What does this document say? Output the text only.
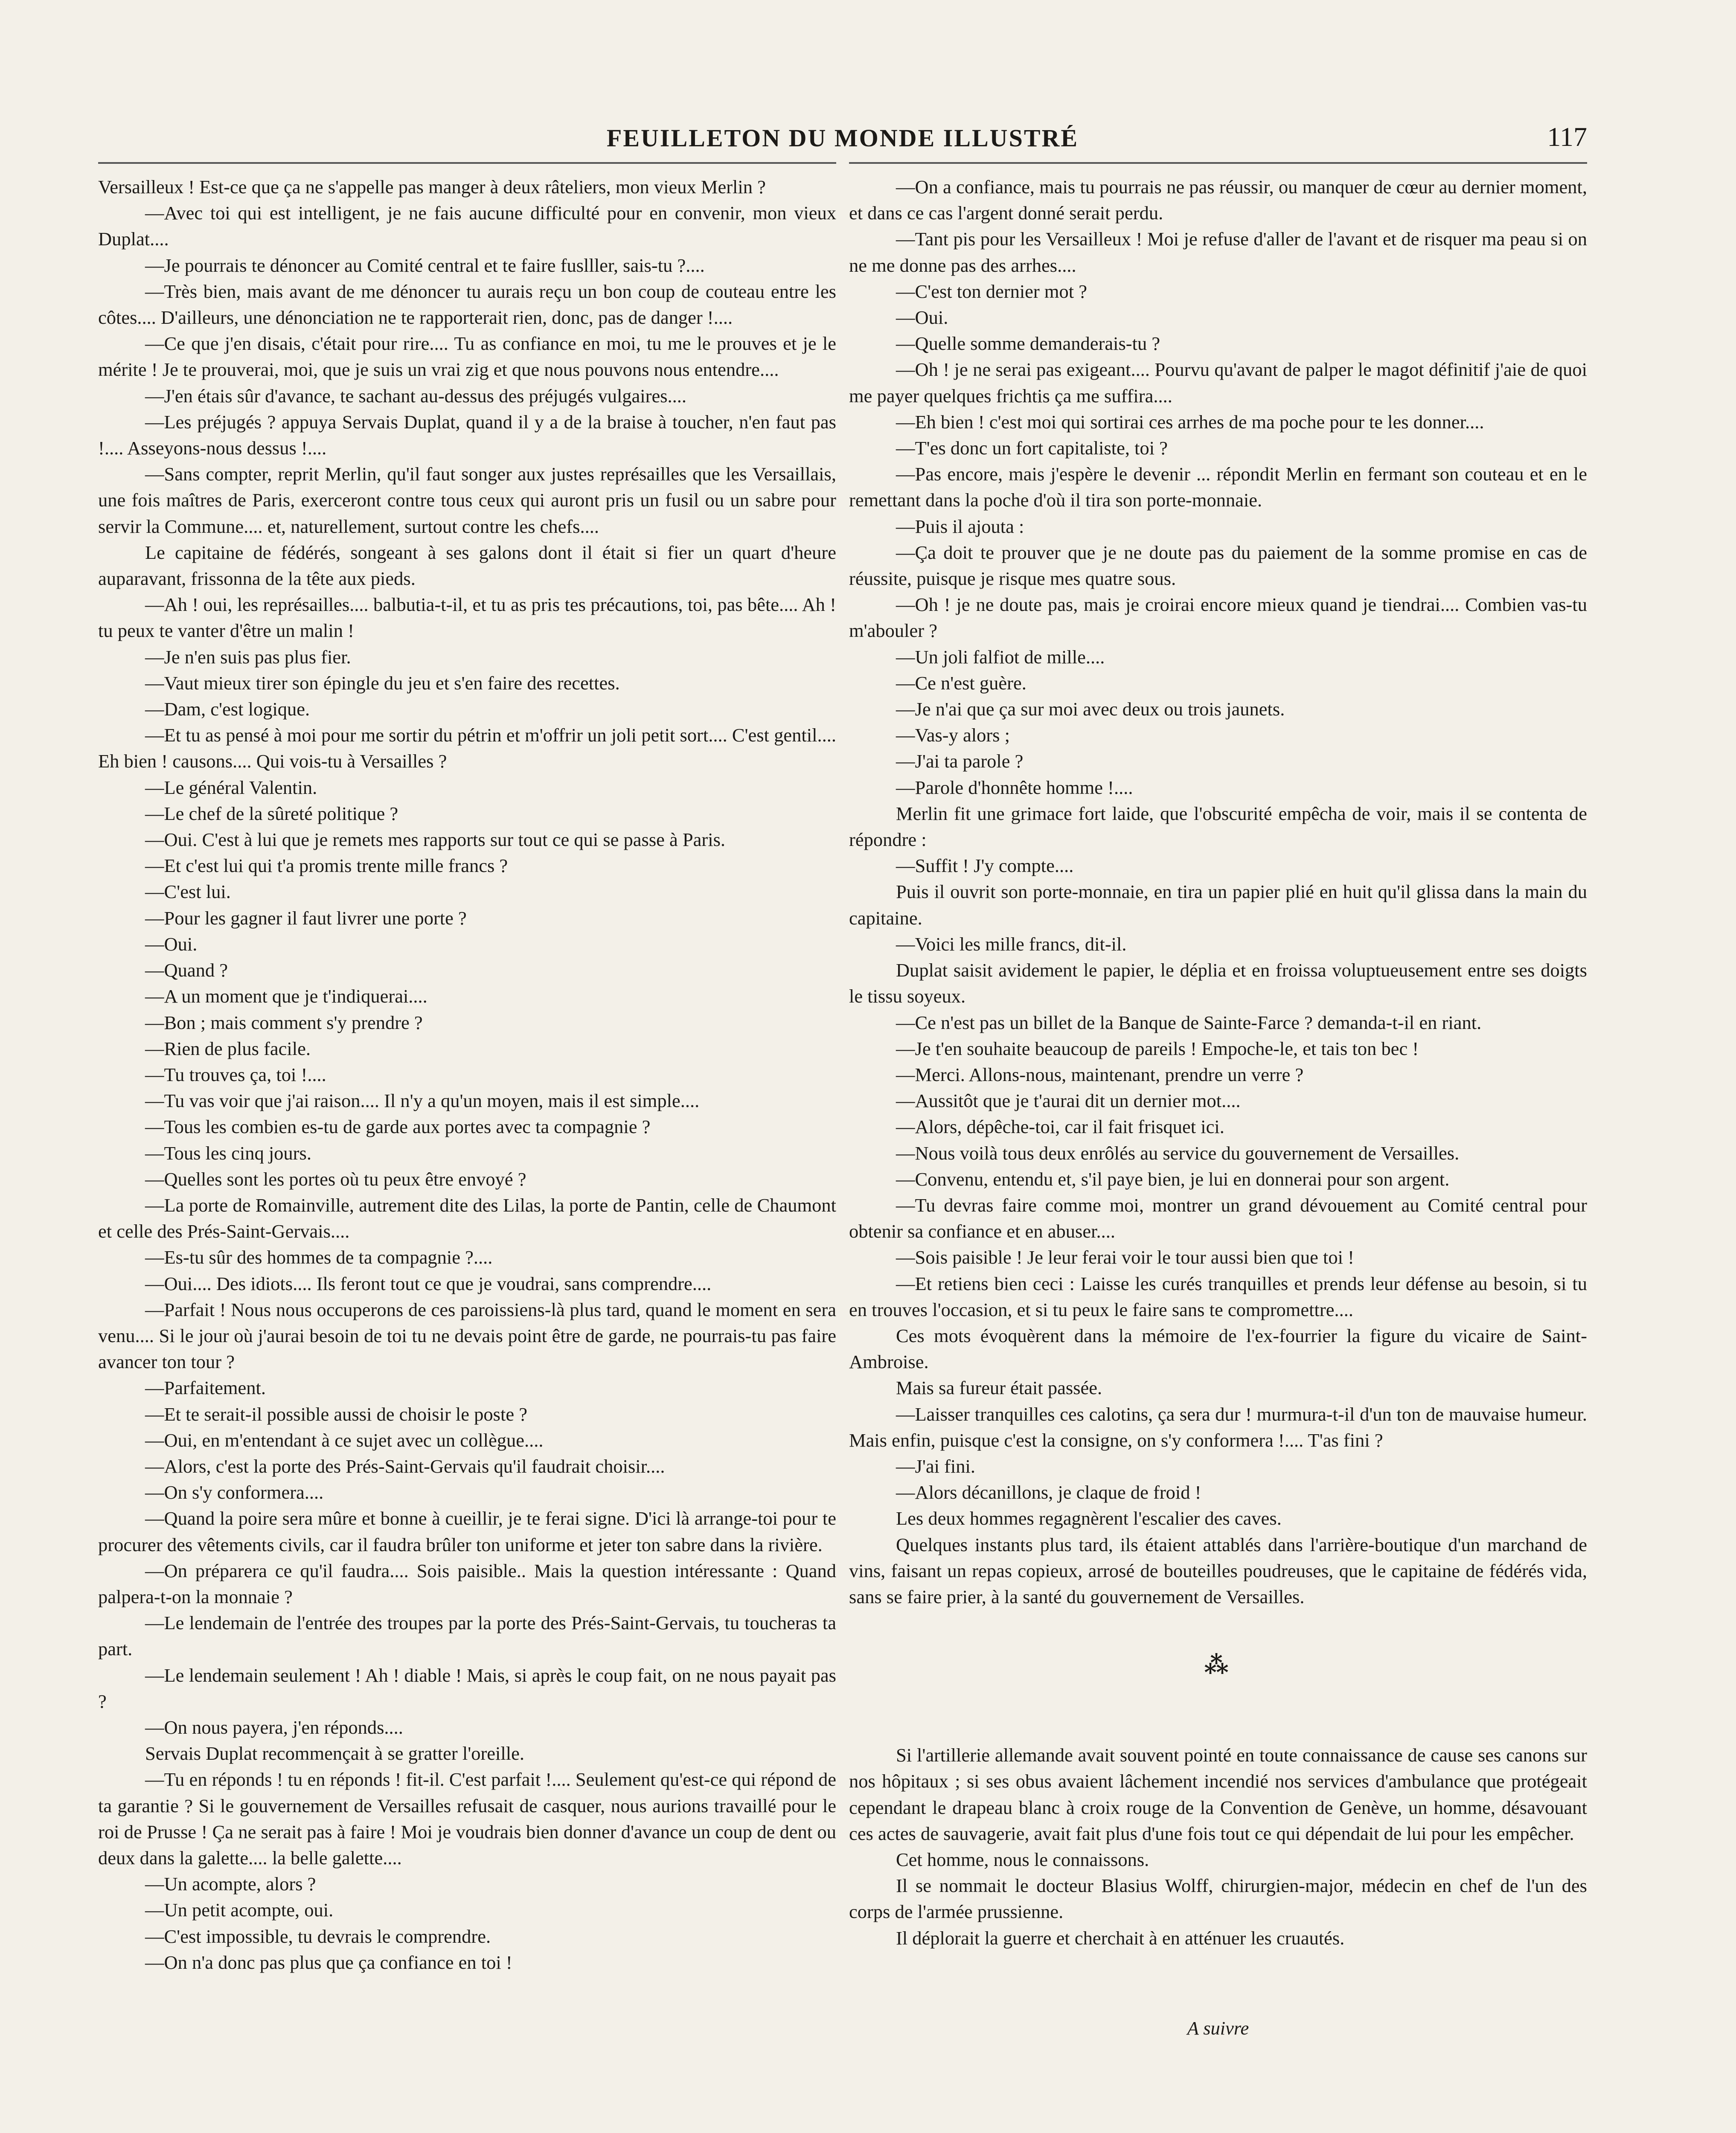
FEUILLETON DU MONDE ILLUSTRÉ	117

Versailleux ! Est-ce que ça ne s'appelle pas manger à deux râteliers, mon vieux Merlin ?

—Avec toi qui est intelligent, je ne fais aucune difficulté pour en convenir, mon vieux Duplat....

—Je pourrais te dénoncer au Comité central et te faire fuslller, sais-tu ?....

—Très bien, mais avant de me dénoncer tu aurais reçu un bon coup de couteau entre les côtes.... D'ailleurs, une dénonciation ne te rapporterait rien, donc, pas de danger !....

—Ce que j'en disais, c'était pour rire.... Tu as confiance en moi, tu me le prouves et je le mérite ! Je te prouverai, moi, que je suis un vrai zig et que nous pouvons nous entendre....

—J'en étais sûr d'avance, te sachant au-dessus des préjugés vulgaires....

—Les préjugés ? appuya Servais Duplat, quand il y a de la braise à toucher, n'en faut pas !.... Asseyons-nous dessus !....

—Sans compter, reprit Merlin, qu'il faut songer aux justes représailles que les Versaillais, une fois maîtres de Paris, exerceront contre tous ceux qui auront pris un fusil ou un sabre pour servir la Commune.... et, naturellement, surtout contre les chefs....

Le capitaine de fédérés, songeant à ses galons dont il était si fier un quart d'heure auparavant, frissonna de la tête aux pieds.

—Ah ! oui, les représailles.... balbutia-t-il, et tu as pris tes précautions, toi, pas bête.... Ah ! tu peux te vanter d'être un malin !

—Je n'en suis pas plus fier.

—Vaut mieux tirer son épingle du jeu et s'en faire des recettes.

—Dam, c'est logique.

—Et tu as pensé à moi pour me sortir du pétrin et m'offrir un joli petit sort.... C'est gentil.... Eh bien ! causons.... Qui vois-tu à Versailles ?

—Le général Valentin.

—Le chef de la sûreté politique ?

—Oui. C'est à lui que je remets mes rapports sur tout ce qui se passe à Paris.

—Et c'est lui qui t'a promis trente mille francs ?

—C'est lui.

—Pour les gagner il faut livrer une porte ?

—Oui.

—Quand ?

—A un moment que je t'indiquerai....

—Bon ; mais comment s'y prendre ?

—Rien de plus facile.

—Tu trouves ça, toi !....

—Tu vas voir que j'ai raison.... Il n'y a qu'un moyen, mais il est simple....

—Tous les combien es-tu de garde aux portes avec ta compagnie ?

—Tous les cinq jours.

—Quelles sont les portes où tu peux être envoyé ?

—La porte de Romainville, autrement dite des Lilas, la porte de Pantin, celle de Chaumont et celle des Prés-Saint-Gervais....

—Es-tu sûr des hommes de ta compagnie ?....

—Oui.... Des idiots.... Ils feront tout ce que je voudrai, sans comprendre....

—Parfait ! Nous nous occuperons de ces paroissiens-là plus tard, quand le moment en sera venu.... Si le jour où j'aurai besoin de toi tu ne devais point être de garde, ne pourrais-tu pas faire avancer ton tour ?

—Parfaitement.

—Et te serait-il possible aussi de choisir le poste ?

—Oui, en m'entendant à ce sujet avec un collègue....

—Alors, c'est la porte des Prés-Saint-Gervais qu'il faudrait choisir....

—On s'y conformera....

—Quand la poire sera mûre et bonne à cueillir, je te ferai signe. D'ici là arrange-toi pour te procurer des vêtements civils, car il faudra brûler ton uniforme et jeter ton sabre dans la rivière.

—On préparera ce qu'il faudra.... Sois paisible.. Mais la question intéressante : Quand palpera-t-on la monnaie ?

—Le lendemain de l'entrée des troupes par la porte des Prés-Saint-Gervais, tu toucheras ta part.

—Le lendemain seulement ! Ah ! diable ! Mais, si après le coup fait, on ne nous payait pas ?

—On nous payera, j'en réponds....

Servais Duplat recommençait à se gratter l'oreille.

—Tu en réponds ! tu en réponds ! fit-il. C'est parfait !.... Seulement qu'est-ce qui répond de ta garantie ? Si le gouvernement de Versailles refusait de casquer, nous aurions travaillé pour le roi de Prusse ! Ça ne serait pas à faire ! Moi je voudrais bien donner d'avance un coup de dent ou deux dans la galette.... la belle galette....

—Un acompte, alors ?

—Un petit acompte, oui.

—C'est impossible, tu devrais le comprendre.

—On n'a donc pas plus que ça confiance en toi !

—On a confiance, mais tu pourrais ne pas réussir, ou manquer de cœur au dernier moment, et dans ce cas l'argent donné serait perdu.

—Tant pis pour les Versailleux ! Moi je refuse d'aller de l'avant et de risquer ma peau si on ne me donne pas des arrhes....

—C'est ton dernier mot ?

—Oui.

—Quelle somme demanderais-tu ?

—Oh ! je ne serai pas exigeant.... Pourvu qu'avant de palper le magot définitif j'aie de quoi me payer quelques frichtis ça me suffira....

—Eh bien ! c'est moi qui sortirai ces arrhes de ma poche pour te les donner....

—T'es donc un fort capitaliste, toi ?

—Pas encore, mais j'espère le devenir ... répondit Merlin en fermant son couteau et en le remettant dans la poche d'où il tira son porte-monnaie.

—Puis il ajouta :

—Ça doit te prouver que je ne doute pas du paiement de la somme promise en cas de réussite, puisque je risque mes quatre sous.

—Oh ! je ne doute pas, mais je croirai encore mieux quand je tiendrai.... Combien vas-tu m'abouler ?

—Un joli falfiot de mille....

—Ce n'est guère.

—Je n'ai que ça sur moi avec deux ou trois jaunets.

—Vas-y alors ;

—J'ai ta parole ?

—Parole d'honnête homme !....

Merlin fit une grimace fort laide, que l'obscurité empêcha de voir, mais il se contenta de répondre :

—Suffit ! J'y compte....

Puis il ouvrit son porte-monnaie, en tira un papier plié en huit qu'il glissa dans la main du capitaine.

—Voici les mille francs, dit-il.

Duplat saisit avidement le papier, le déplia et en froissa voluptueusement entre ses doigts le tissu soyeux.

—Ce n'est pas un billet de la Banque de Sainte-Farce ? demanda-t-il en riant.

—Je t'en souhaite beaucoup de pareils ! Empoche-le, et tais ton bec !

—Merci. Allons-nous, maintenant, prendre un verre ?

—Aussitôt que je t'aurai dit un dernier mot....

—Alors, dépêche-toi, car il fait frisquet ici.

—Nous voilà tous deux enrôlés au service du gouvernement de Versailles.

—Convenu, entendu et, s'il paye bien, je lui en donnerai pour son argent.

—Tu devras faire comme moi, montrer un grand dévouement au Comité central pour obtenir sa confiance et en abuser....

—Sois paisible ! Je leur ferai voir le tour aussi bien que toi !

—Et retiens bien ceci : Laisse les curés tranquilles et prends leur défense au besoin, si tu en trouves l'occasion, et si tu peux le faire sans te compromettre....

Ces mots évoquèrent dans la mémoire de l'ex-fourrier la figure du vicaire de Saint-Ambroise.

Mais sa fureur était passée.

—Laisser tranquilles ces calotins, ça sera dur ! murmura-t-il d'un ton de mauvaise humeur. Mais enfin, puisque c'est la consigne, on s'y conformera !.... T'as fini ?

—J'ai fini.

—Alors décanillons, je claque de froid !

Les deux hommes regagnèrent l'escalier des caves.

Quelques instants plus tard, ils étaient attablés dans l'arrière-boutique d'un marchand de vins, faisant un repas copieux, arrosé de bouteilles poudreuses, que le capitaine de fédérés vida, sans se faire prier, à la santé du gouvernement de Versailles.

⁂

Si l'artillerie allemande avait souvent pointé en toute connaissance de cause ses canons sur nos hôpitaux ; si ses obus avaient lâchement incendié nos services d'ambulance que protégeait cependant le drapeau blanc à croix rouge de la Convention de Genève, un homme, désavouant ces actes de sauvagerie, avait fait plus d'une fois tout ce qui dépendait de lui pour les empêcher.

Cet homme, nous le connaissons.

Il se nommait le docteur Blasius Wolff, chirurgien-major, médecin en chef de l'un des corps de l'armée prussienne.

Il déplorait la guerre et cherchait à en atténuer les cruautés.

A suivre
